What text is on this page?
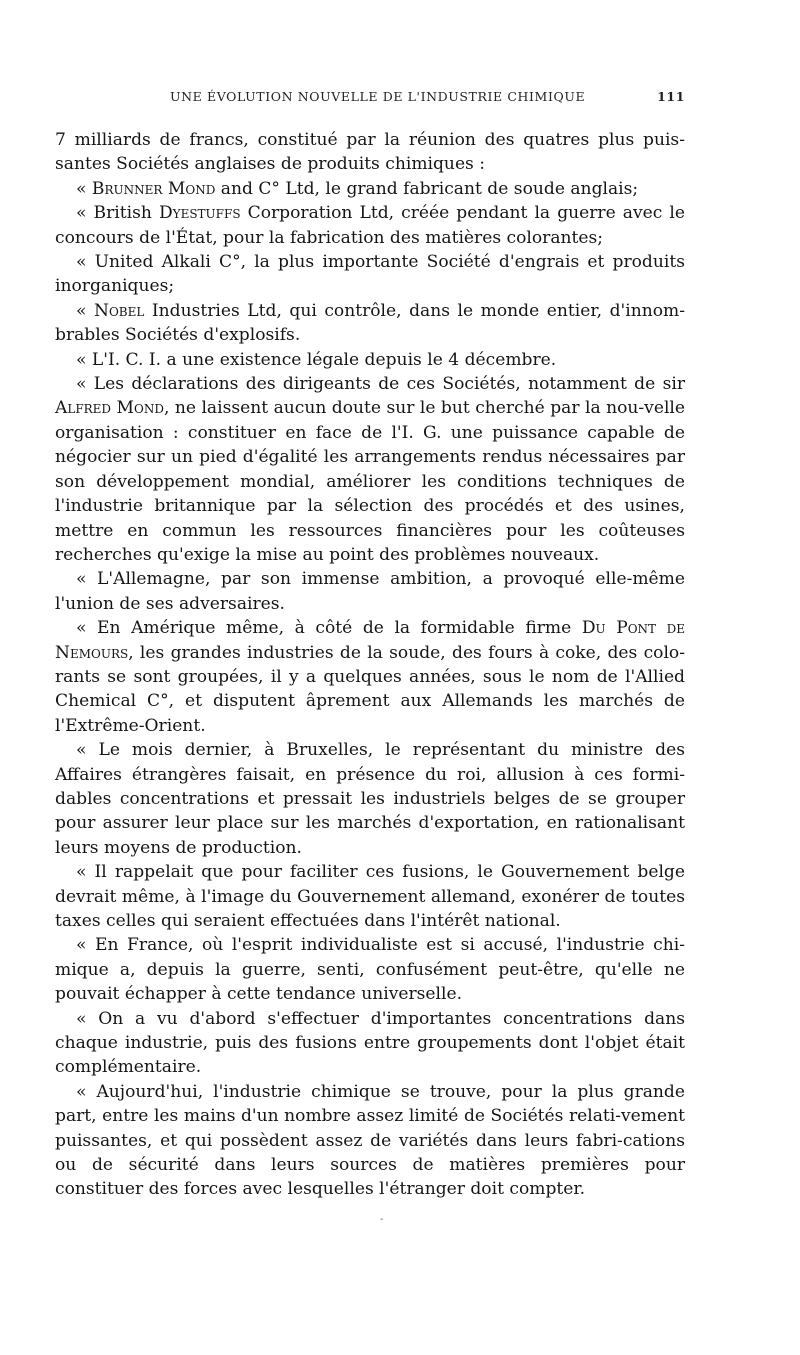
UNE ÉVOLUTION NOUVELLE DE L'INDUSTRIE CHIMIQUE	111

7 milliards de francs, constitué par la réunion des quatres plus puis-santes Sociétés anglaises de produits chimiques :

« Brunner Mond and C° Ltd, le grand fabricant de soude anglais;

« British Dyestuffs Corporation Ltd, créée pendant la guerre avec le concours de l'État, pour la fabrication des matières colorantes;

« United Alkali C°, la plus importante Société d'engrais et produits inorganiques;

« Nobel Industries Ltd, qui contrôle, dans le monde entier, d'innom-brables Sociétés d'explosifs.

« L'I. C. I. a une existence légale depuis le 4 décembre.

« Les déclarations des dirigeants de ces Sociétés, notamment de sir Alfred Mond, ne laissent aucun doute sur le but cherché par la nou-velle organisation : constituer en face de l'I. G. une puissance capable de négocier sur un pied d'égalité les arrangements rendus nécessaires par son développement mondial, améliorer les conditions techniques de l'industrie britannique par la sélection des procédés et des usines, mettre en commun les ressources financières pour les coûteuses recherches qu'exige la mise au point des problèmes nouveaux.

« L'Allemagne, par son immense ambition, a provoqué elle-même l'union de ses adversaires.

« En Amérique même, à côté de la formidable firme Du Pont de Nemours, les grandes industries de la soude, des fours à coke, des colo-rants se sont groupées, il y a quelques années, sous le nom de l'Allied Chemical C°, et disputent âprement aux Allemands les marchés de l'Extrême-Orient.

« Le mois dernier, à Bruxelles, le représentant du ministre des Affaires étrangères faisait, en présence du roi, allusion à ces formi-dables concentrations et pressait les industriels belges de se grouper pour assurer leur place sur les marchés d'exportation, en rationalisant leurs moyens de production.

« Il rappelait que pour faciliter ces fusions, le Gouvernement belge devrait même, à l'image du Gouvernement allemand, exonérer de toutes taxes celles qui seraient effectuées dans l'intérêt national.

« En France, où l'esprit individualiste est si accusé, l'industrie chi-mique a, depuis la guerre, senti, confusément peut-être, qu'elle ne pouvait échapper à cette tendance universelle.

« On a vu d'abord s'effectuer d'importantes concentrations dans chaque industrie, puis des fusions entre groupements dont l'objet était complémentaire.

« Aujourd'hui, l'industrie chimique se trouve, pour la plus grande part, entre les mains d'un nombre assez limité de Sociétés relati-vement puissantes, et qui possèdent assez de variétés dans leurs fabri-cations ou de sécurité dans leurs sources de matières premières pour constituer des forces avec lesquelles l'étranger doit compter.

-
